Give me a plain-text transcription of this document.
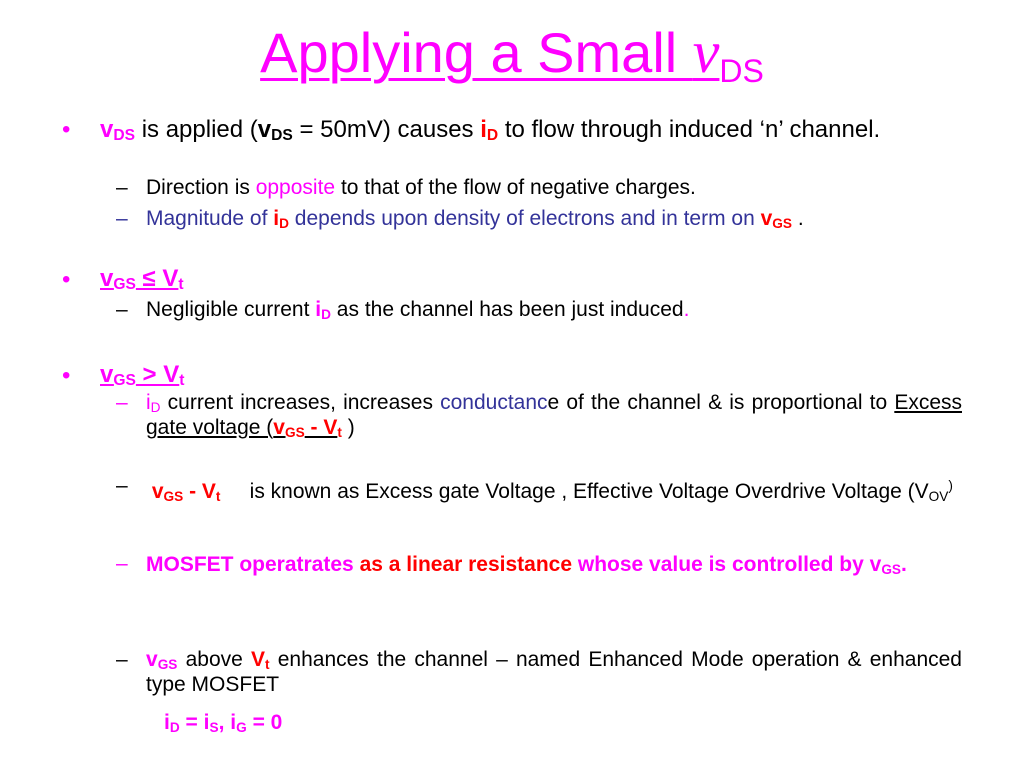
Applying a Small νDS
• $v_{DS}$ is applied $(v_{DS} = 50mV)$ causes $i_D$ to flow through induced ‘n’ channel.
– Direction is opposite to that of the flow of negative charges.
– Magnitude of $i_D$ depends upon density of electrons and in term on $v_{GS}$ .
• $v_{GS} \le V_t$
– Negligible current $i_D$ as the channel has been just induced.
• $v_{GS} > V_t$
– $i_D$ current increases, increases conductance of the channel & is proportional to Excess gate voltage ($v_{GS} - V_t$ )
– $v_{GS} - V_t$ is known as Excess gate Voltage , Effective Voltage Overdrive Voltage ($V_{OV}^)$
– MOSFET operatrates as a linear resistance whose value is controlled by $v_{GS}$.
– $v_{GS}$ above $V_t$ enhances the channel – named Enhanced Mode operation & enhanced type MOSFET
$i_D = i_S$, $i_G = 0$
